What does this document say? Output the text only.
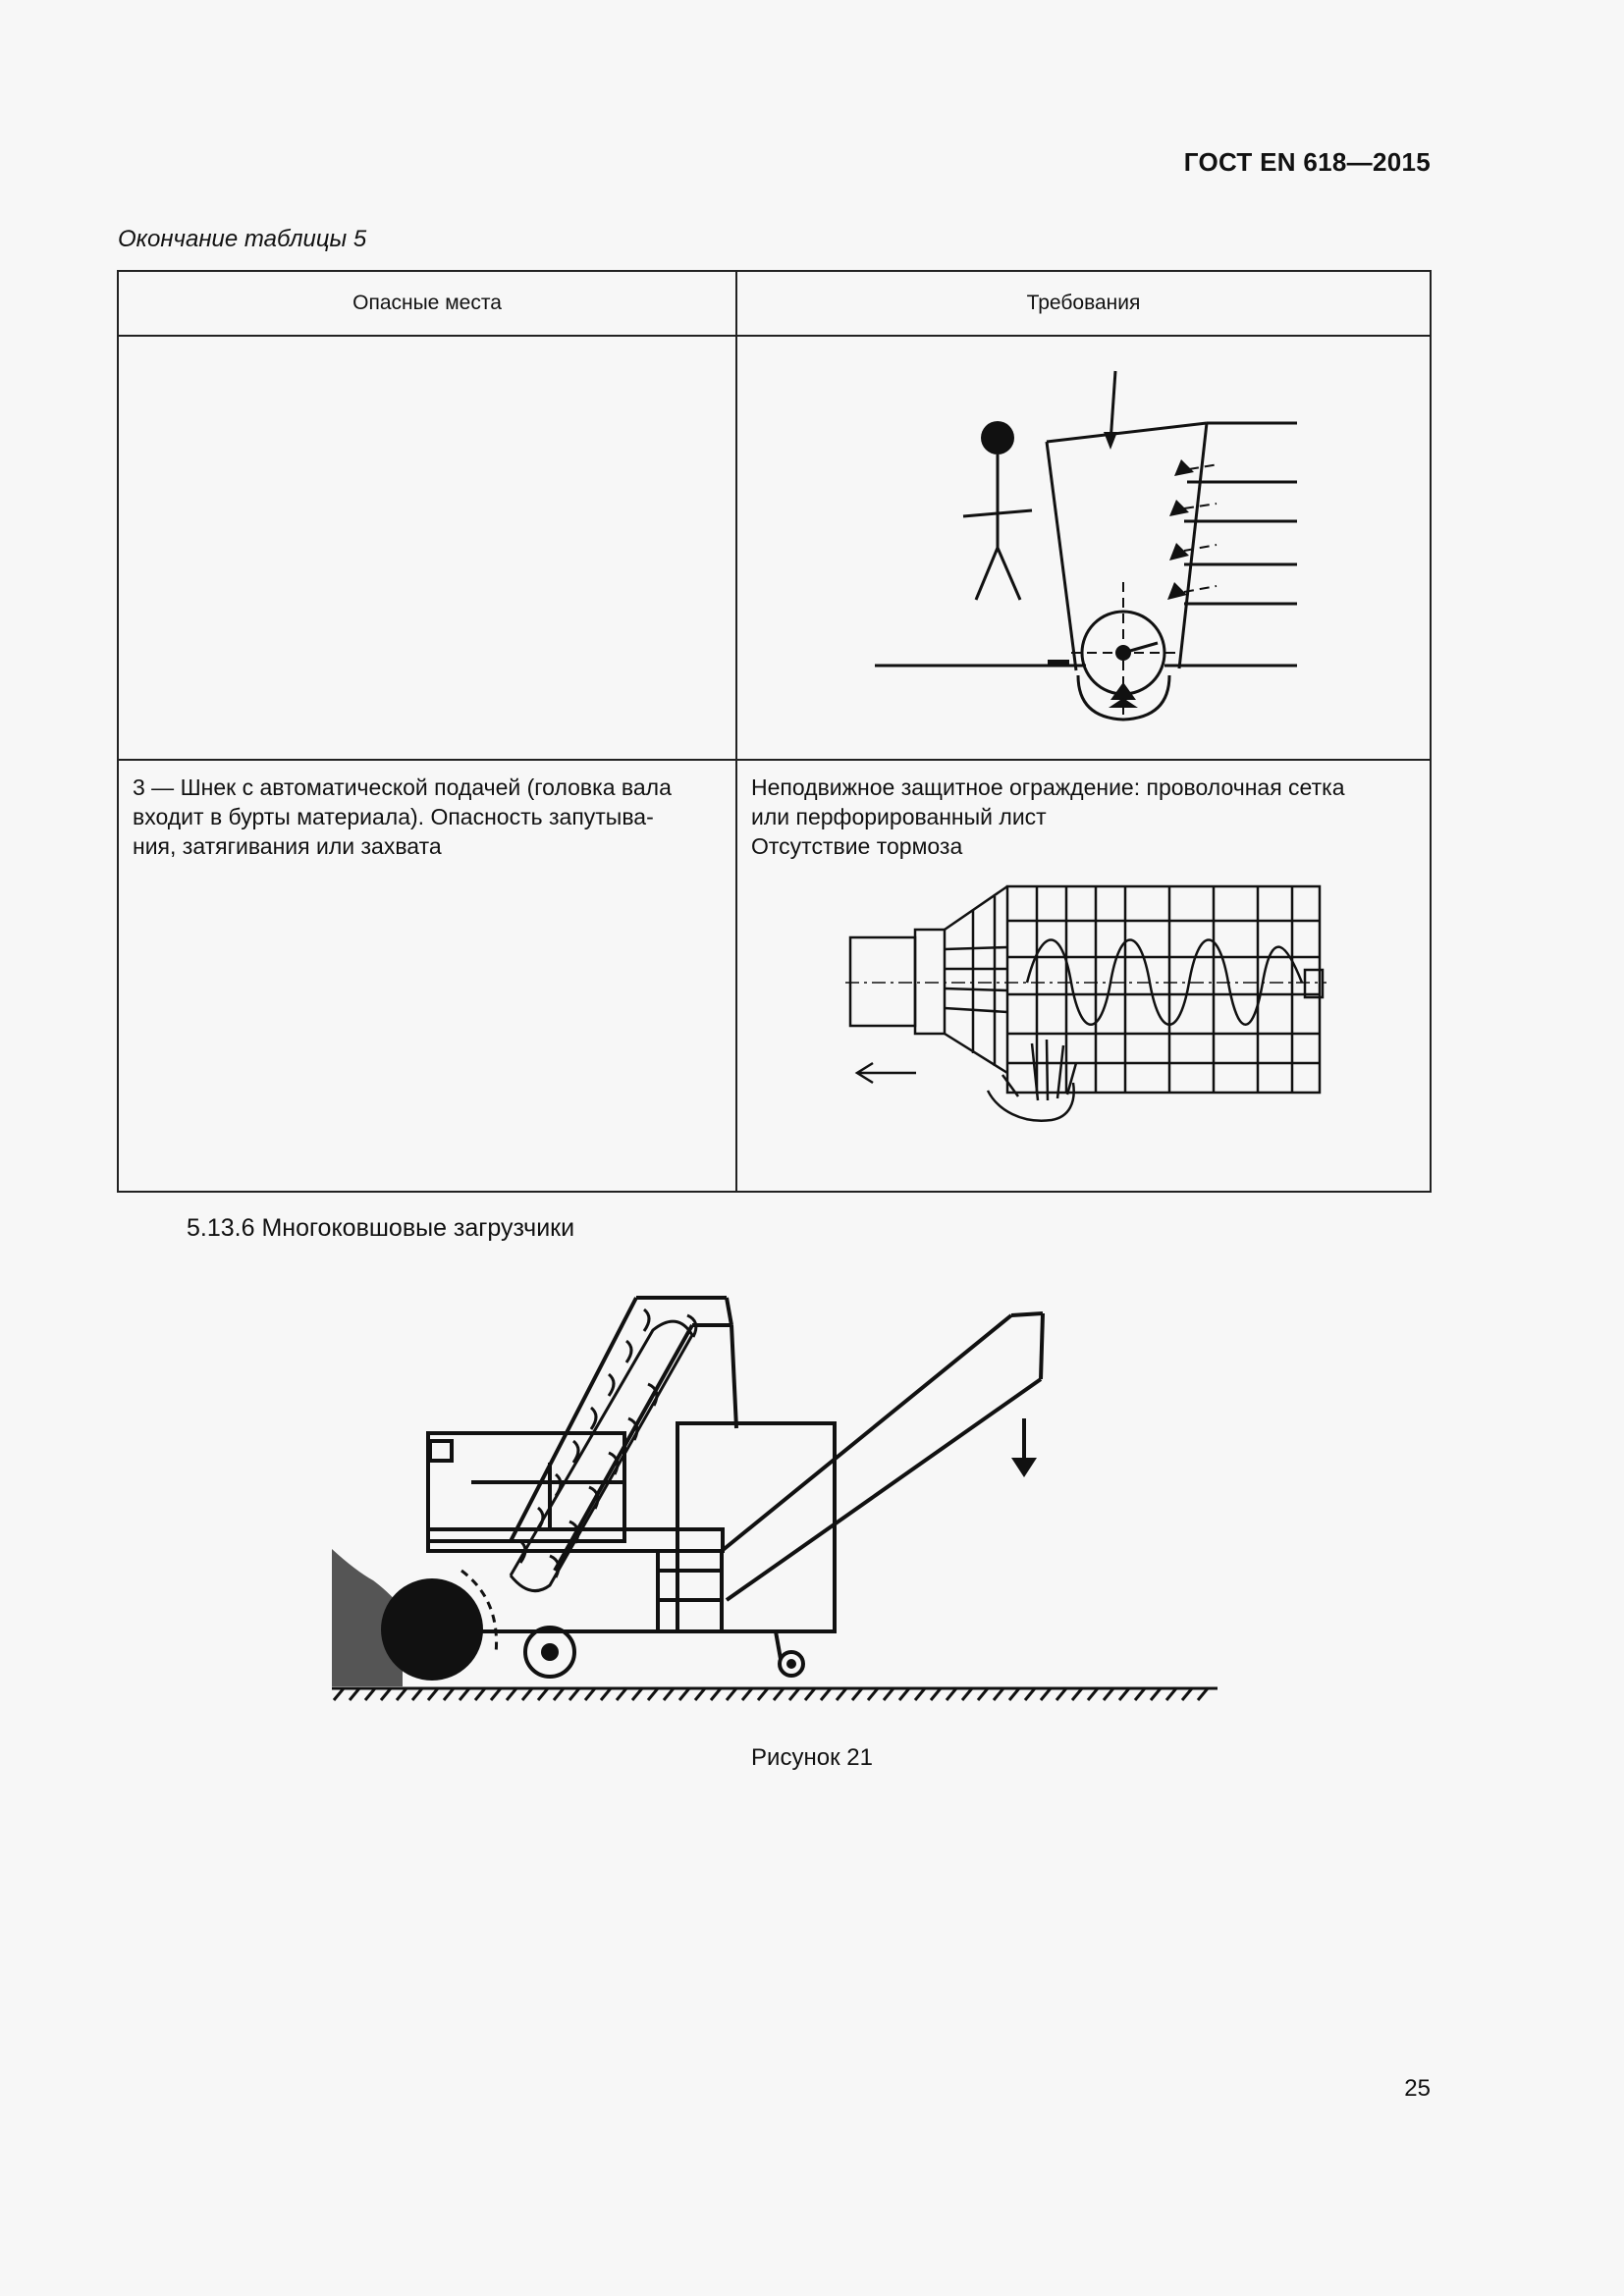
ГОСТ EN 618—2015
Окончание таблицы 5
Опасные места	Требования

3 — Шнек с автоматической подачей (головка вала
входит в бурты материала). Опасность запутыва-
ния, затягивания или захвата	Неподвижное защитное ограждение: проволочная сетка
или перфорированный лист
Отсутствие тормоза
5.13.6 Многоковшовые загрузчики
Рисунок 21
25
